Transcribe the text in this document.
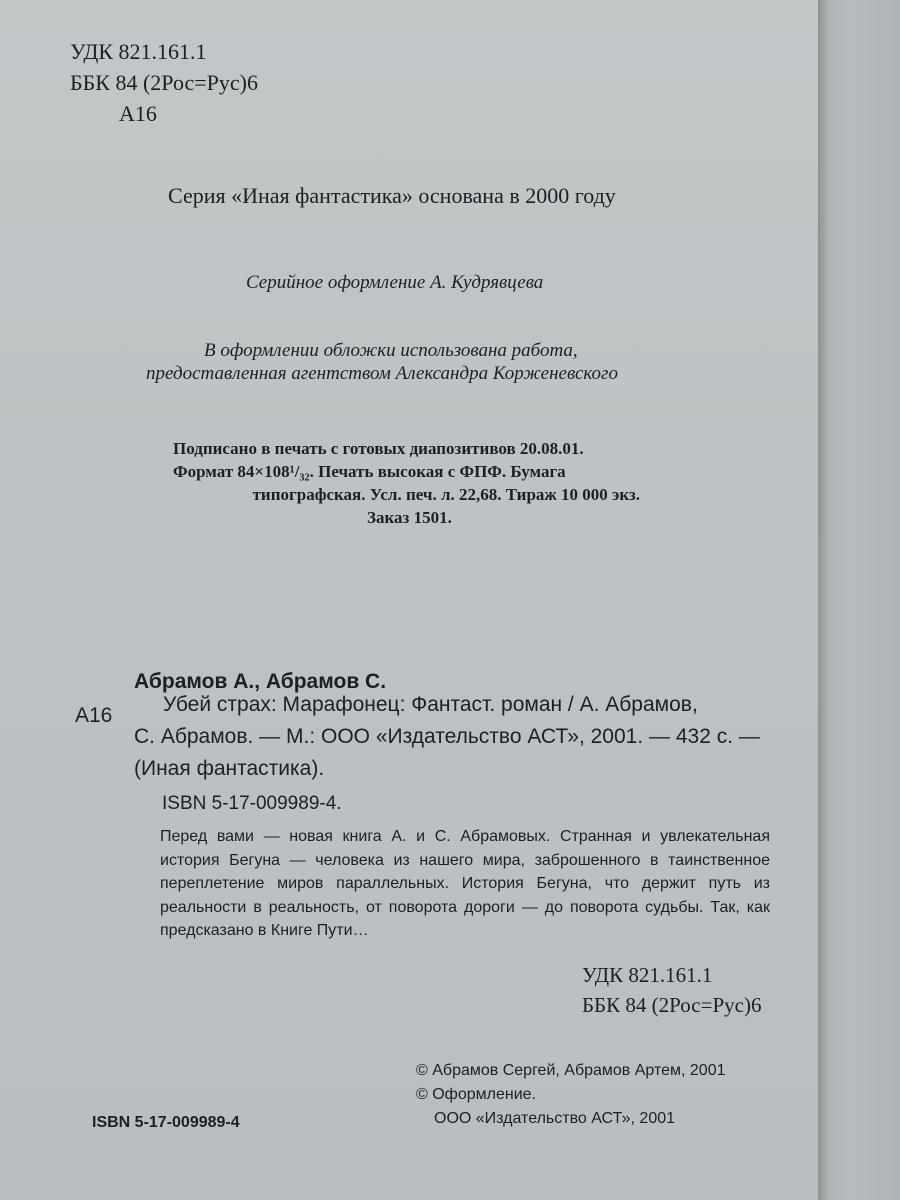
УДК 821.161.1
ББК 84 (2Рос=Рус)6
А16

Серия «Иная фантастика» основана в 2000 году

Серийное оформление А. Кудрявцева

В оформлении обложки использована работа,

предоставленная агентством Александра Корженевского

Подписано в печать с готовых диапозитивов 20.08.01.
Формат 84×108¹/₃₂. Печать высокая с ФПФ. Бумага
типографская. Усл. печ. л. 22,68. Тираж 10 000 экз.
Заказ 1501.

Абрамов А., Абрамов С.

А16 Убей страх: Марафонец: Фантаст. роман / А. Абрамов,
С. Абрамов. — М.: ООО «Издательство АСТ», 2001. — 432 с. —
(Иная фантастика).

ISBN 5-17-009989-4.

Перед вами — новая книга А. и С. Абрамовых. Странная и увлекательная
история Бегуна — человека из нашего мира, заброшенного в таинственное
переплетение миров параллельных. История Бегуна, что держит путь из
реальности в реальность, от поворота дороги — до поворота судьбы. Так, как
предсказано в Книге Пути…
УДК 821.161.1
ББК 84 (2Рос=Рус)6
© Абрамов Сергей, Абрамов Артем, 2001
© Оформление.
ООО «Издательство АСТ», 2001

ISBN 5-17-009989-4
